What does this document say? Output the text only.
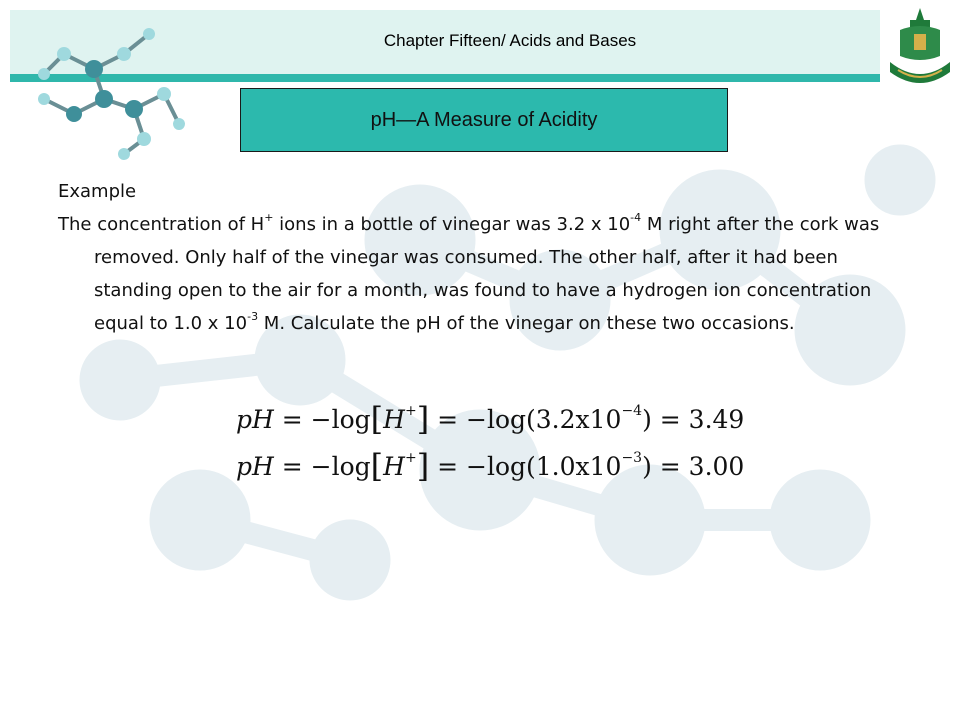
Chapter Fifteen/ Acids and Bases
pH—A Measure of Acidity
Example

The concentration of H+ ions in a bottle of vinegar was 3.2 x $10^{-4}$ M right after the cork was removed. Only half of the vinegar was consumed. The other half, after it had been standing open to the air for a month, was found to have a hydrogen ion concentration equal to 1.0 x $10^{-3}$ M. Calculate the pH of the vinegar on these two occasions.

pH = $-\log[H^+] = -\log(3.2x10^{-4}) = 3.49$
pH = $-\log[H^+] = -\log(1.0x10^{-3}) = 3.00$
